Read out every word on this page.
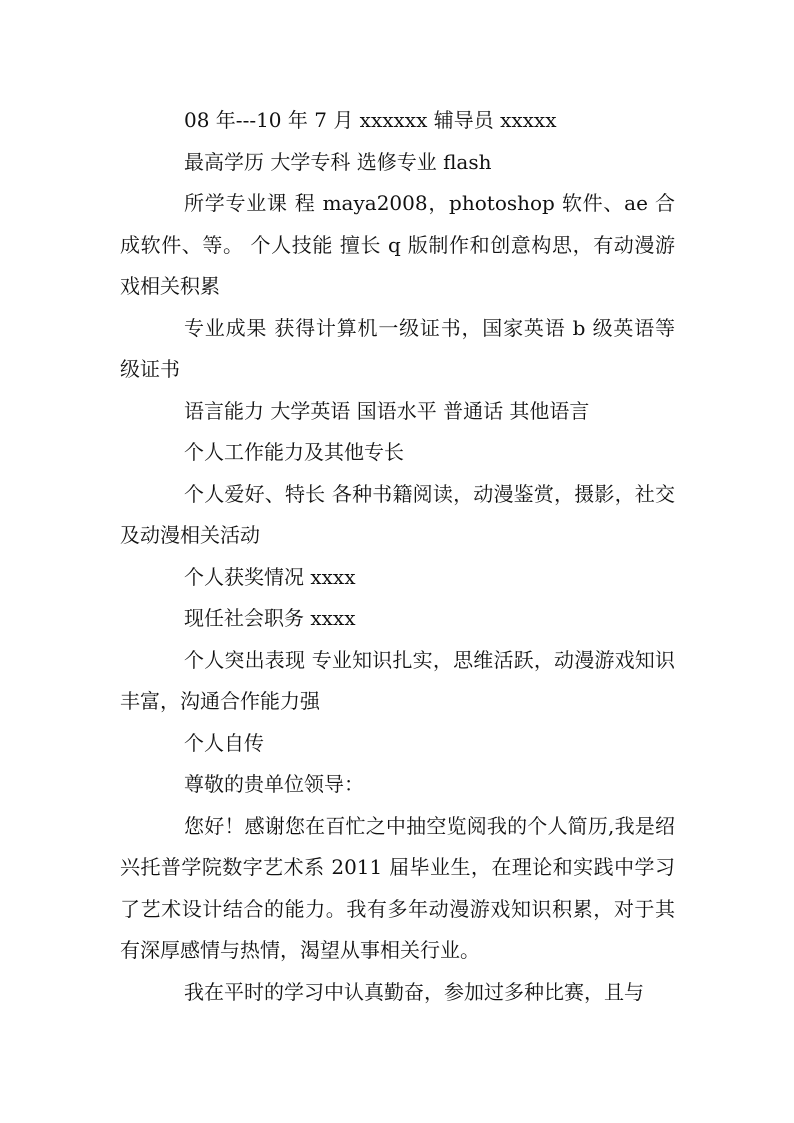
08 年---10 年 7 月 xxxxxx 辅导员 xxxxx

最高学历 大学专科 选修专业 flash

所学专业课 程 maya2008，photoshop 软件、ae 合成软件、等。 个人技能 擅长 q 版制作和创意构思，有动漫游戏相关积累

专业成果 获得计算机一级证书，国家英语 b 级英语等级证书

语言能力 大学英语 国语水平 普通话 其他语言

个人工作能力及其他专长

个人爱好、特长 各种书籍阅读，动漫鉴赏，摄影，社交及动漫相关活动

个人获奖情况 xxxx

现任社会职务 xxxx

个人突出表现 专业知识扎实，思维活跃，动漫游戏知识丰富，沟通合作能力强

个人自传

尊敬的贵单位领导：

您好！感谢您在百忙之中抽空览阅我的个人简历,我是绍兴托普学院数字艺术系 2011 届毕业生，在理论和实践中学习了艺术设计结合的能力。我有多年动漫游戏知识积累，对于其有深厚感情与热情，渴望从事相关行业。

我在平时的学习中认真勤奋，参加过多种比赛，且与
